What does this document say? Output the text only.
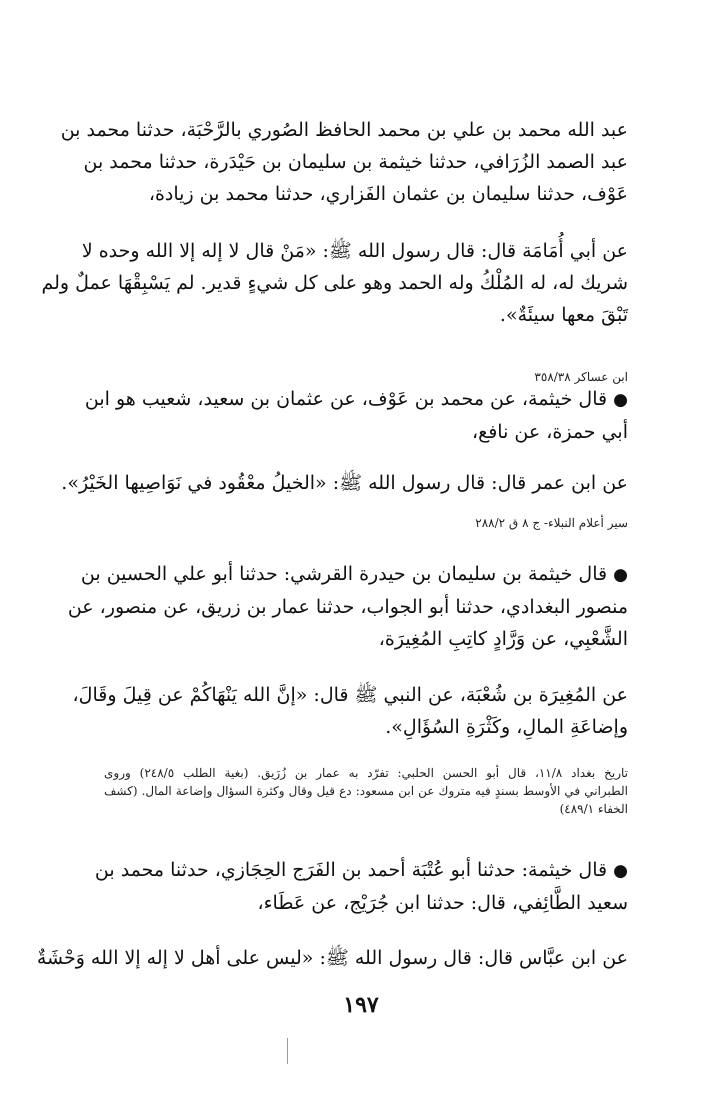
عبد الله محمد بن علي بن محمد الحافظ الصُوري بالرَّحْبَة، حدثنا محمد بن
عبد الصمد الزُرَافي، حدثنا خيثمة بن سليمان بن حَيْدَرة، حدثنا محمد بن
عَوْف، حدثنا سليمان بن عثمان الفَزاري، حدثنا محمد بن زيادة،
عن أبي أُمَامَة قال: قال رسول الله ﷺ: «مَنْ قال لا إله إلا الله وحده لا
شريك له، له المُلْكُ وله الحمد وهو على كل شيءٍ قدير. لم يَسْبِقْهَا عملٌ ولم
تَبْقَ معها سيئَةٌ».
ابن عساكر ٣٥٨/٣٨
● قال خيثمة، عن محمد بن عَوْف، عن عثمان بن سعيد، شعيب هو ابن
أبي حمزة، عن نافع،
عن ابن عمر قال: قال رسول الله ﷺ: «الخيلُ معْقُود في نَوَاصِيها الخَيْرُ».
سير أعلام النبلاء- ج ٨ ق ٢٨٨/٢
● قال خيثمة بن سليمان بن حيدرة القرشي: حدثنا أبو علي الحسين بن
منصور البغدادي، حدثنا أبو الجواب، حدثنا عمار بن زريق، عن منصور، عن
الشَّعْبِي، عن وَرَّادٍ كاتِبِ المُغِيرَة،
عن المُغِيرَة بن شُعْبَة، عن النبي ﷺ قال: «إنَّ الله يَنْهَاكُمْ عن قِيلَ وقَالَ،
وإضاعَةِ المالِ، وكَثْرَةِ السُؤَالِ».
تاريخ بغداد ١١/٨، قال أبو الحسن الحلبي: تفرّد به عمار بن زُرَيق. (بغية الطلب ٢٤٨/٥) وروى
الطبراني في الأوسط بسندٍ فيه متروك عن ابن مسعود: دع قيل وقال وكثرة السؤال وإضاعة المال. (كشف
الخفاء ٤٨٩/١)
● قال خيثمة: حدثنا أبو عُتْبَة أحمد بن الفَرَج الحِجَازي، حدثنا محمد بن
سعيد الطَّائِفي، قال: حدثنا ابن جُرَيْج، عن عَطَاء،
عن ابن عبَّاس قال: قال رسول الله ﷺ: «ليس على أهل لا إله إلا الله وَحْشَةٌ
١٩٧
